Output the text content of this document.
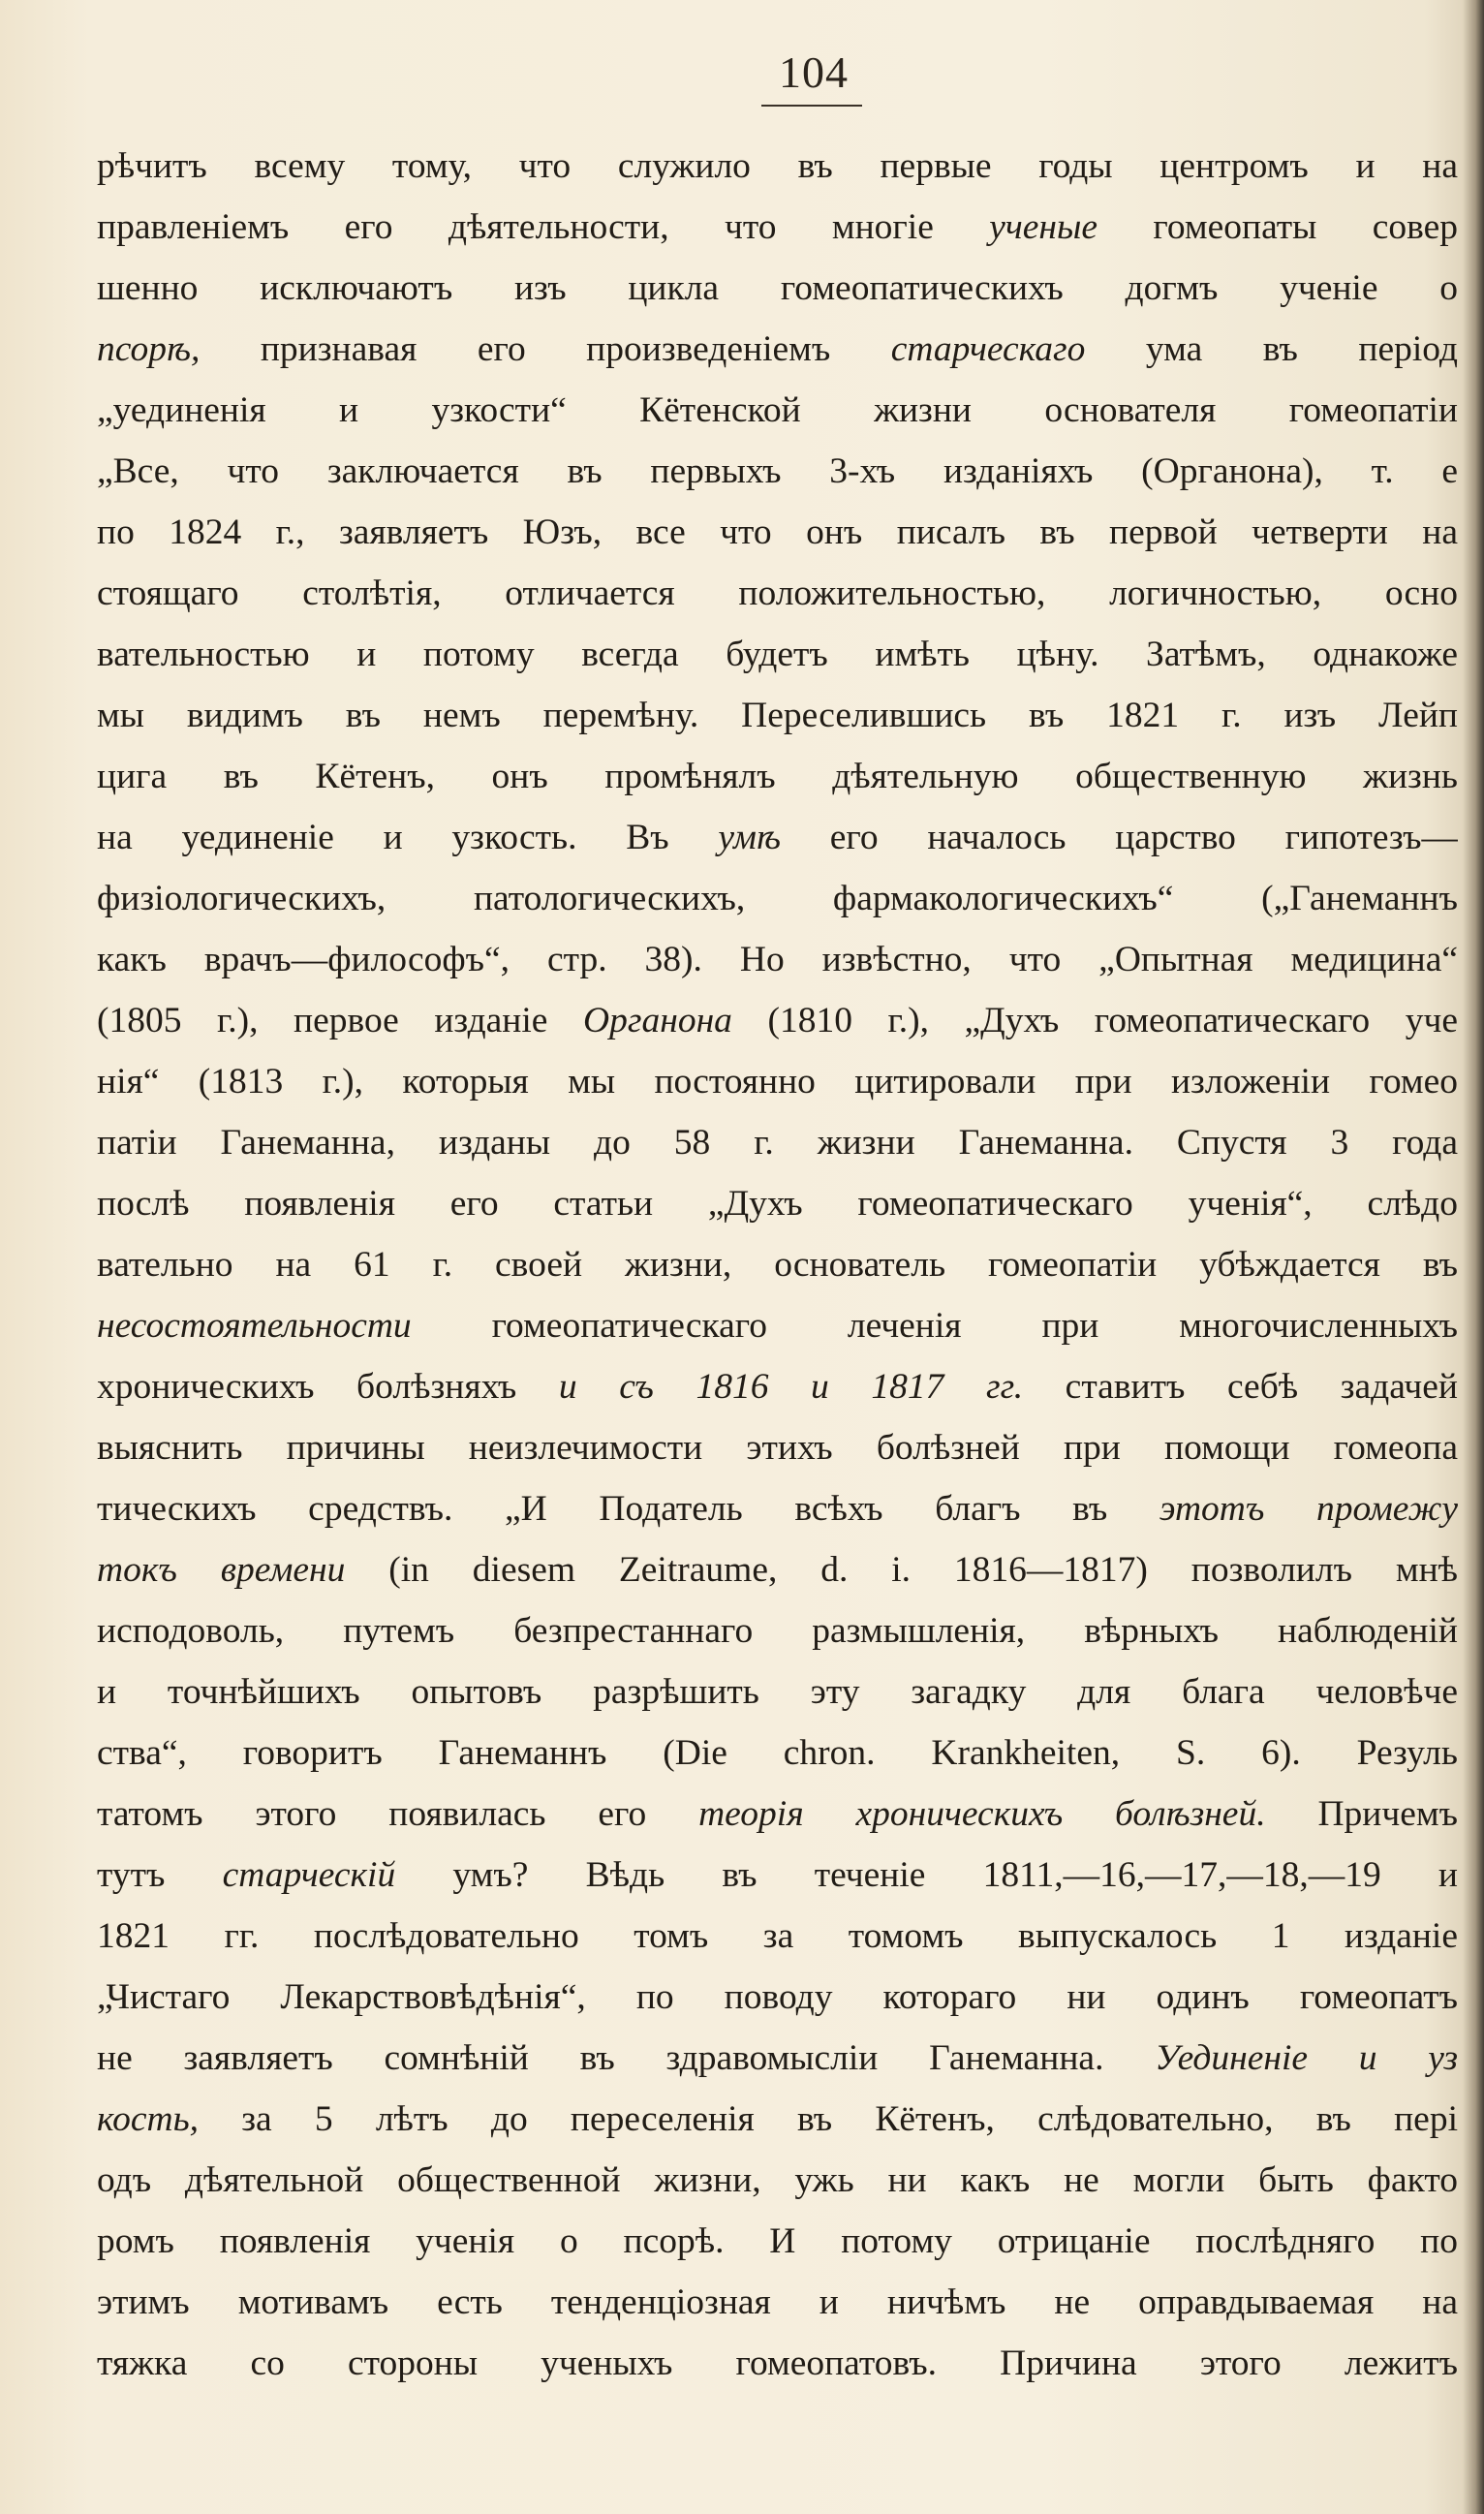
104
рѣчитъ всему тому, что служило въ первые годы центромъ и на
правленіемъ его дѣятельности, что многіе ученые гомеопаты совер
шенно исключаютъ изъ цикла гомеопатическихъ догмъ ученіе о
псорѣ, признавая его произведеніемъ старческаго ума въ період
„уединенія и узкости“ Кётенской жизни основателя гомеопатіи
„Все, что заключается въ первыхъ 3-хъ изданіяхъ (Органона), т. е
по 1824 г., заявляетъ Юзъ, все что онъ писалъ въ первой четверти на
стоящаго столѣтія, отличается положительностью, логичностью, осно
вательностью и потому всегда будетъ имѣть цѣну. Затѣмъ, однакоже
мы видимъ въ немъ перемѣну. Переселившись въ 1821 г. изъ Лейп
цига въ Кётенъ, онъ промѣнялъ дѣятельную общественную жизнь
на уединеніе и узкость. Въ умѣ его началось царство гипотезъ—
физіологическихъ, патологическихъ, фармакологическихъ“ („Ганеманнъ
какъ врачъ—философъ“, стр. 38). Но извѣстно, что „Опытная медицина“
(1805 г.), первое изданіе Органона (1810 г.), „Духъ гомеопатическаго уче
нія“ (1813 г.), которыя мы постоянно цитировали при изложеніи гомео
патіи Ганеманна, изданы до 58 г. жизни Ганеманна. Спустя 3 года
послѣ появленія его статьи „Духъ гомеопатическаго ученія“, слѣдо
вательно на 61 г. своей жизни, основатель гомеопатіи убѣждается въ
несостоятельности гомеопатическаго леченія при многочисленныхъ
хроническихъ болѣзняхъ и съ 1816 и 1817 гг. ставитъ себѣ задачей
выяснить причины неизлечимости этихъ болѣзней при помощи гомеопа
тическихъ средствъ. „И Податель всѣхъ благъ въ этотъ промежу
токъ времени (in diesem Zeitraume, d. i. 1816—1817) позволилъ мнѣ
исподоволь, путемъ безпрестаннаго размышленія, вѣрныхъ наблюденій
и точнѣйшихъ опытовъ разрѣшить эту загадку для блага человѣче
ства“, говоритъ Ганеманнъ (Die chron. Krankheiten, S. 6). Резуль
татомъ этого появилась его теорія хроническихъ болѣзней. Причемъ
тутъ старческій умъ? Вѣдь въ теченіе 1811,—16,—17,—18,—19 и
1821 гг. послѣдовательно томъ за томомъ выпускалось 1 изданіе
„Чистаго Лекарствовѣдѣнія“, по поводу котораго ни одинъ гомеопатъ
не заявляетъ сомнѣній въ здравомысліи Ганеманна. Уединеніе и уз
кость, за 5 лѣтъ до переселенія въ Кётенъ, слѣдовательно, въ пері
одъ дѣятельной общественной жизни, ужь ни какъ не могли быть факто
ромъ появленія ученія о псорѣ. И потому отрицаніе послѣдняго по
этимъ мотивамъ есть тенденціозная и ничѣмъ не оправдываемая на
тяжка со стороны ученыхъ гомеопатовъ. Причина этого лежитъ
